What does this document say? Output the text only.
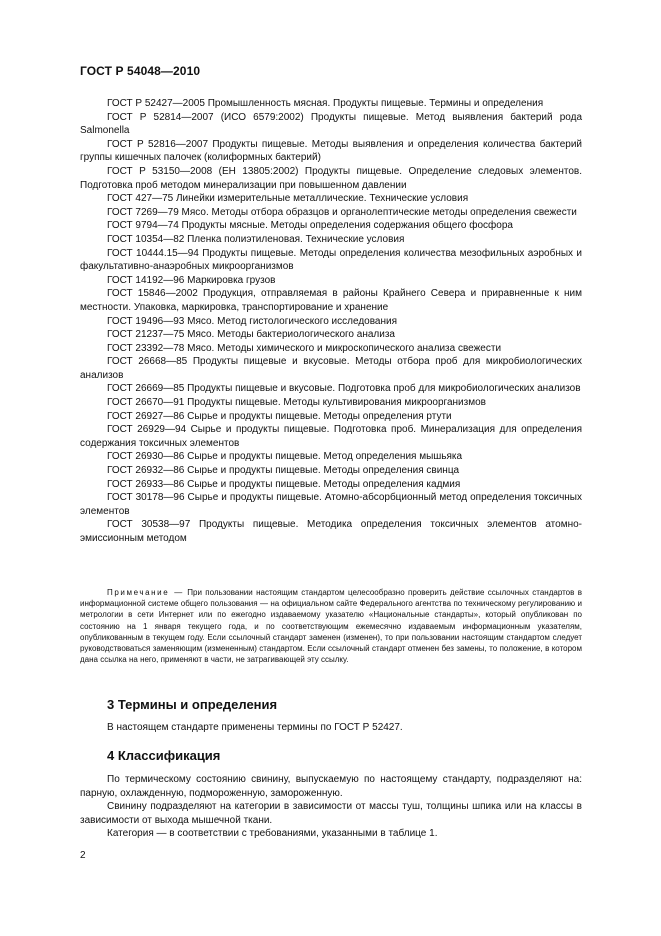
ГОСТ Р 54048—2010

ГОСТ Р 52427—2005 Промышленность мясная. Продукты пищевые. Термины и определения

ГОСТ Р 52814—2007 (ИСО 6579:2002) Продукты пищевые. Метод выявления бактерий рода Salmonella

ГОСТ Р 52816—2007 Продукты пищевые. Методы выявления и определения количества бактерий группы кишечных палочек (колиформных бактерий)

ГОСТ Р 53150—2008 (ЕН 13805:2002) Продукты пищевые. Определение следовых элементов. Подготовка проб методом минерализации при повышенном давлении

ГОСТ 427—75 Линейки измерительные металлические. Технические условия

ГОСТ 7269—79 Мясо. Методы отбора образцов и органолептические методы определения свежести

ГОСТ 9794—74 Продукты мясные. Методы определения содержания общего фосфора

ГОСТ 10354—82 Пленка полиэтиленовая. Технические условия

ГОСТ 10444.15—94 Продукты пищевые. Методы определения количества мезофильных аэробных и факультативно-анаэробных микроорганизмов

ГОСТ 14192—96 Маркировка грузов

ГОСТ 15846—2002 Продукция, отправляемая в районы Крайнего Севера и приравненные к ним местности. Упаковка, маркировка, транспортирование и хранение

ГОСТ 19496—93 Мясо. Метод гистологического исследования

ГОСТ 21237—75 Мясо. Методы бактериологического анализа

ГОСТ 23392—78 Мясо. Методы химического и микроскопического анализа свежести

ГОСТ 26668—85 Продукты пищевые и вкусовые. Методы отбора проб для микробиологических анализов

ГОСТ 26669—85 Продукты пищевые и вкусовые. Подготовка проб для микробиологических анализов

ГОСТ 26670—91 Продукты пищевые. Методы культивирования микроорганизмов

ГОСТ 26927—86 Сырье и продукты пищевые. Методы определения ртути

ГОСТ 26929—94 Сырье и продукты пищевые. Подготовка проб. Минерализация для определения содержания токсичных элементов

ГОСТ 26930—86 Сырье и продукты пищевые. Метод определения мышьяка

ГОСТ 26932—86 Сырье и продукты пищевые. Методы определения свинца

ГОСТ 26933—86 Сырье и продукты пищевые. Методы определения кадмия

ГОСТ 30178—96 Сырье и продукты пищевые. Атомно-абсорбционный метод определения токсичных элементов

ГОСТ 30538—97 Продукты пищевые. Методика определения токсичных элементов атомно-эмиссионным методом

Примечание — При пользовании настоящим стандартом целесообразно проверить действие ссылочных стандартов в информационной системе общего пользования — на официальном сайте Федерального агентства по техническому регулированию и метрологии в сети Интернет или по ежегодно издаваемому указателю «Национальные стандарты», который опубликован по состоянию на 1 января текущего года, и по соответствующим ежемесячно издаваемым информационным указателям, опубликованным в текущем году. Если ссылочный стандарт заменен (изменен), то при пользовании настоящим стандартом следует руководствоваться заменяющим (измененным) стандартом. Если ссылочный стандарт отменен без замены, то положение, в котором дана ссылка на него, применяют в части, не затрагивающей эту ссылку.

3 Термины и определения
В настоящем стандарте применены термины по ГОСТ Р 52427.
4 Классификация

По термическому состоянию свинину, выпускаемую по настоящему стандарту, подразделяют на: парную, охлажденную, подмороженную, замороженную.

Свинину подразделяют на категории в зависимости от массы туш, толщины шпика или на классы в зависимости от выхода мышечной ткани.

Категория — в соответствии с требованиями, указанными в таблице 1.

2
